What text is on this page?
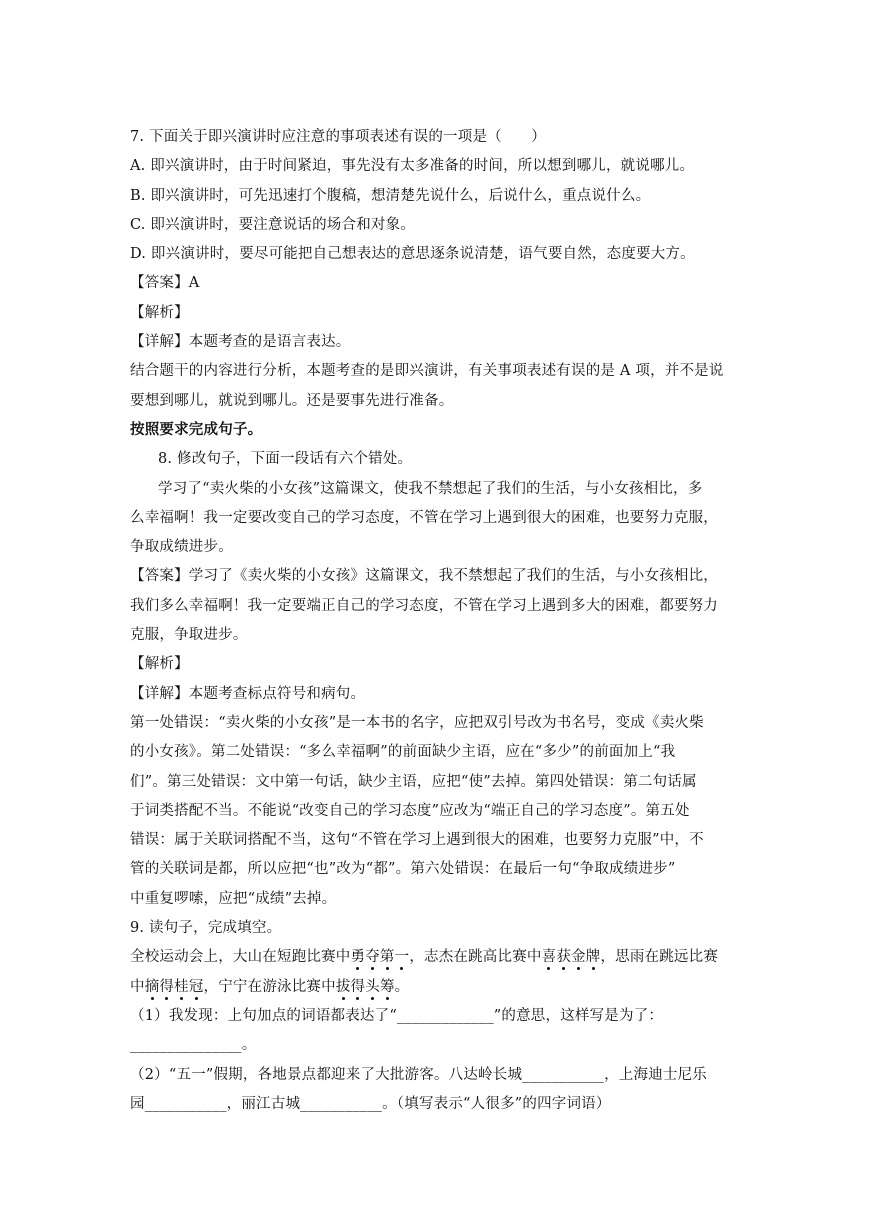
7. 下面关于即兴演讲时应注意的事项表述有误的一项是（　　）
A. 即兴演讲时，由于时间紧迫，事先没有太多准备的时间，所以想到哪儿，就说哪儿。
B. 即兴演讲时，可先迅速打个腹稿，想清楚先说什么，后说什么，重点说什么。
C. 即兴演讲时，要注意说话的场合和对象。
D. 即兴演讲时，要尽可能把自己想表达的意思逐条说清楚，语气要自然，态度要大方。
【答案】A
【解析】
【详解】本题考查的是语言表达。
结合题干的内容进行分析，本题考查的是即兴演讲，有关事项表述有误的是 A 项，并不是说
要想到哪儿，就说到哪儿。还是要事先进行准备。
按照要求完成句子。
8. 修改句子，下面一段话有六个错处。
学习了“卖火柴的小女孩”这篇课文，使我不禁想起了我们的生活，与小女孩相比，多
么幸福啊！我一定要改变自己的学习态度，不管在学习上遇到很大的困难，也要努力克服，
争取成绩进步。
【答案】学习了《卖火柴的小女孩》这篇课文，我不禁想起了我们的生活，与小女孩相比，
我们多么幸福啊！我一定要端正自己的学习态度，不管在学习上遇到多大的困难，都要努力
克服，争取进步。
【解析】
【详解】本题考查标点符号和病句。
第一处错误：“卖火柴的小女孩”是一本书的名字，应把双引号改为书名号，变成《卖火柴
的小女孩》。第二处错误：“多么幸福啊”的前面缺少主语，应在“多少”的前面加上“我
们”。第三处错误：文中第一句话，缺少主语，应把“使”去掉。第四处错误：第二句话属
于词类搭配不当。不能说“改变自己的学习态度”应改为“端正自己的学习态度”。第五处
错误：属于关联词搭配不当，这句“不管在学习上遇到很大的困难，也要努力克服”中，不
管的关联词是都，所以应把“也”改为“都”。第六处错误：在最后一句“争取成绩进步”
中重复啰嗦，应把“成绩”去掉。
9. 读句子，完成填空。
全校运动会上，大山在短跑比赛中勇夺第一，志杰在跳高比赛中喜获金牌，思雨在跳远比赛
中摘得桂冠，宁宁在游泳比赛中拔得头筹。
（1）我发现：上句加点的词语都表达了“_____________”的意思，这样写是为了：
_______________。
（2）“五一”假期，各地景点都迎来了大批游客。八达岭长城___________，上海迪士尼乐
园___________，丽江古城___________。（填写表示“人很多”的四字词语）
